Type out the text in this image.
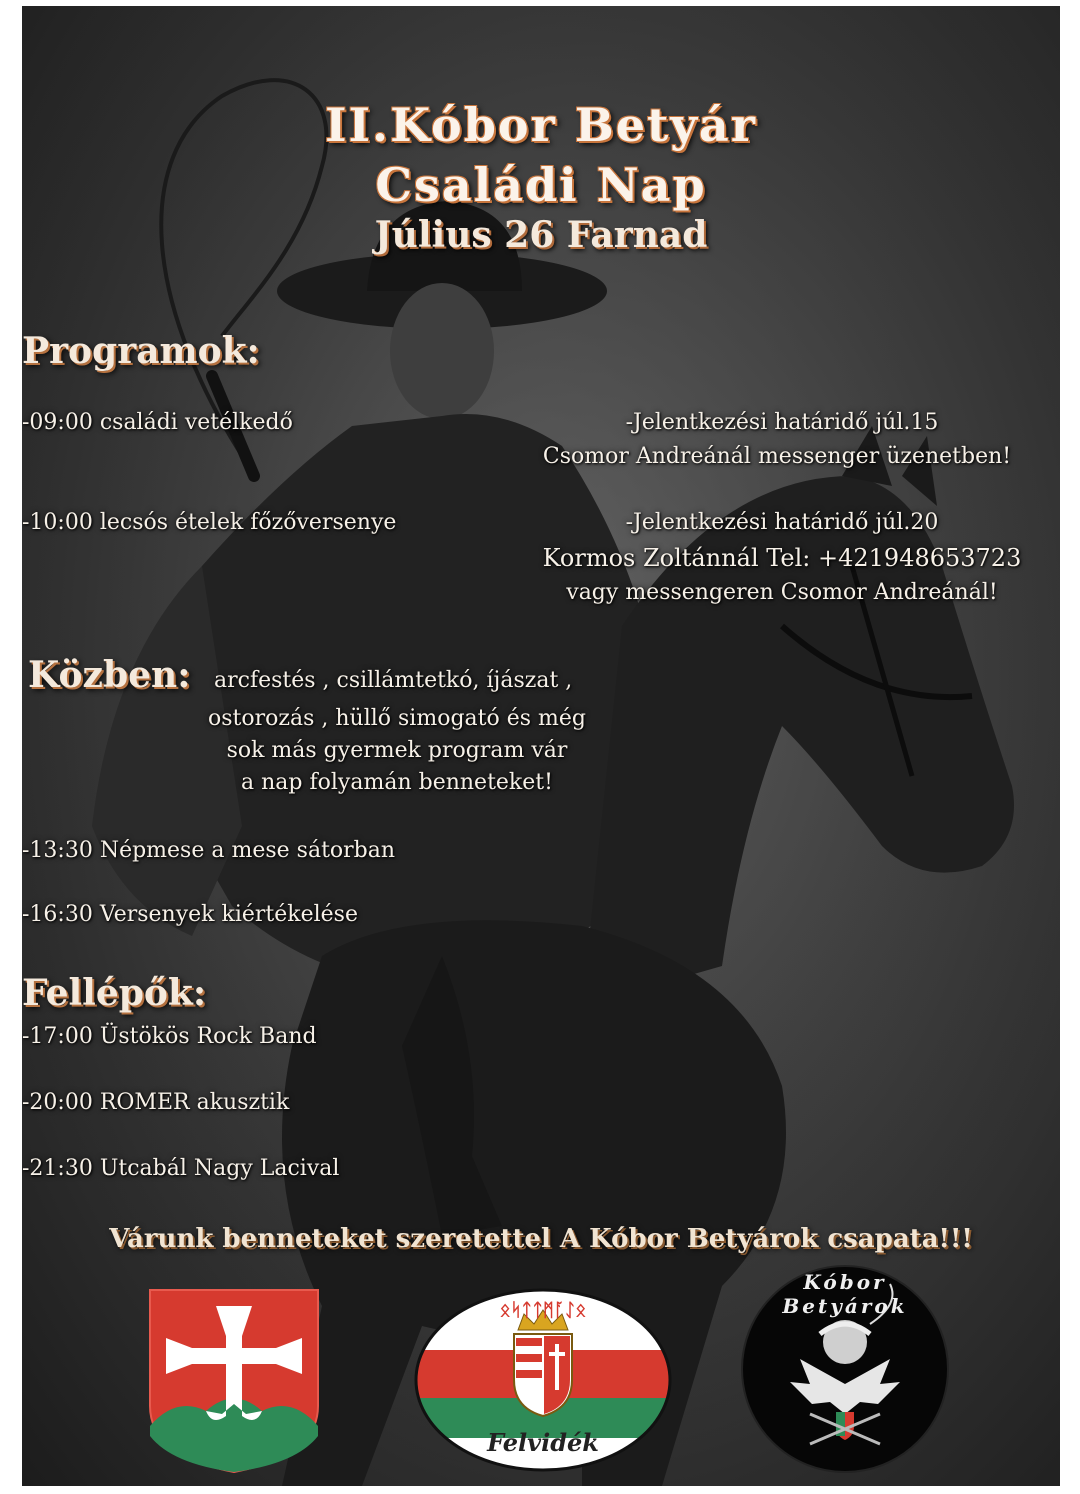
II.Kóbor Betyár
Családi Nap
Július 26 Farnad
Programok:
-09:00 családi vetélkedő	-Jelentkezési határidő júl.15
Csomor Andreánál messenger üzenetben!
-10:00 lecsós ételek főzőversenye	-Jelentkezési határidő júl.20
Kormos Zoltánnál Tel: +421948653723
vagy messengeren Csomor Andreánál!
Közben: arcfestés , csillámtetkó, íjászat ,
ostorozás , hüllő simogató és még
sok más gyermek program vár
a nap folyamán benneteket!
-13:30 Népmese a mese sátorban
-16:30 Versenyek kiértékelése
Fellépők:
-17:00 Üstökös Rock Band
-20:00 ROMER akusztik
-21:30 Utcabál Nagy Lacival
Várunk benneteket szeretettel A Kóbor Betyárok csapata!!!
ᛟᛋᛏᛏᛗᚪᛇᛟ
Felvidék
Kóbor Betyárok
